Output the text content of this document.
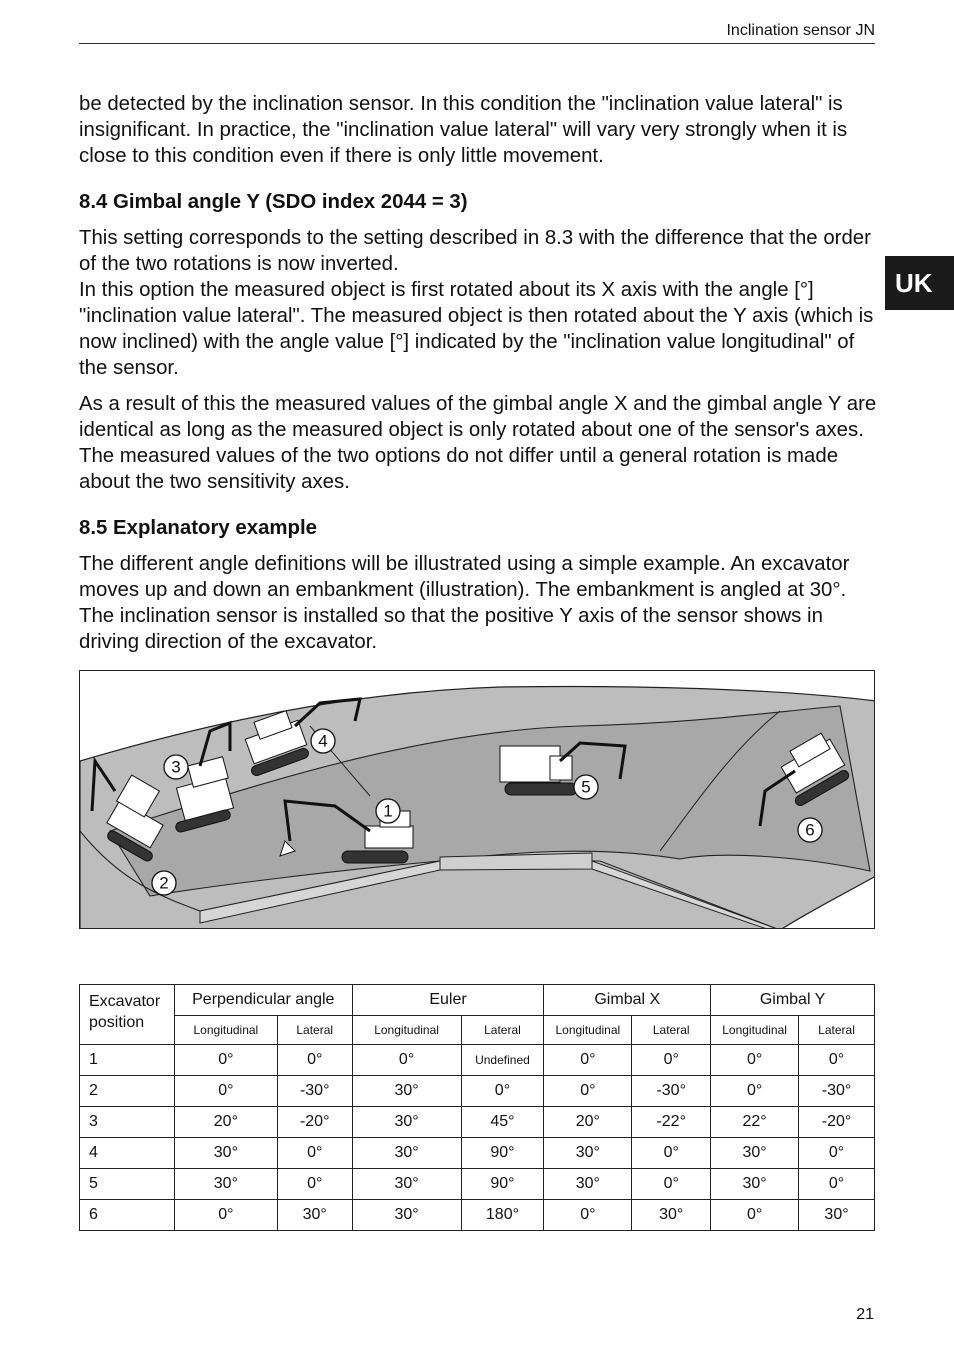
Inclination sensor JN
UK

be detected by the inclination sensor. In this condition the "inclination value lateral" is insignificant. In practice, the "inclination value lateral" will vary very strongly when it is close to this condition even if there is only little movement.

8.4 Gimbal angle Y (SDO index 2044 = 3)

This setting corresponds to the setting described in 8.3 with the difference that the order of the two rotations is now inverted.

In this option the measured object is first rotated about its X axis with the angle [°] "inclination value lateral". The measured object is then rotated about the Y axis (which is now inclined) with the angle value [°] indicated by the "inclination value longitudinal" of the sensor.

As a result of this the measured values of the gimbal angle X and the gimbal angle Y are identical as long as the measured object is only rotated about one of the sensor's axes. The measured values of the two options do not differ until a general rotation is made about the two sensitivity axes.

8.5 Explanatory example

The different angle definitions will be illustrated using a simple example. An excavator moves up and down an embankment (illustration). The embankment is angled at 30°. The inclination sensor is installed so that the positive Y axis of the sensor shows in driving direction of the excavator.

1
2
3
4
5
6
Excavator position	Perpendicular angle		Euler		Gimbal X		Gimbal Y	
	Longitudinal	Lateral	Longitudinal	Lateral	Longitudinal	Lateral	Longitudinal	Lateral
1	0°	0°	0°	Undefined	0°	0°	0°	0°
2	0°	-30°	30°	0°	0°	-30°	0°	-30°
3	20°	-20°	30°	45°	20°	-22°	22°	-20°
4	30°	0°	30°	90°	30°	0°	30°	0°
5	30°	0°	30°	90°	30°	0°	30°	0°
6	0°	30°	30°	180°	0°	30°	0°	30°
21
